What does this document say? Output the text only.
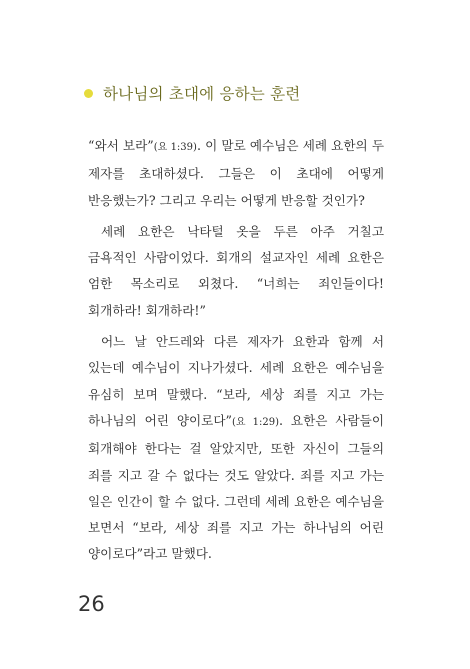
하나님의 초대에 응하는 훈련

“와서 보라”(요 1:39). 이 말로 예수님은 세례 요한의 두 제자를 초대하셨다. 그들은 이 초대에 어떻게 반응했는가? 그리고 우리는 어떻게 반응할 것인가?

세례 요한은 낙타털 옷을 두른 아주 거칠고 금욕적인 사람이었다. 회개의 설교자인 세례 요한은 엄한 목소리로 외쳤다. “너희는 죄인들이다! 회개하라! 회개하라!”

어느 날 안드레와 다른 제자가 요한과 함께 서 있는데 예수님이 지나가셨다. 세례 요한은 예수님을 유심히 보며 말했다. “보라, 세상 죄를 지고 가는 하나님의 어린 양이로다”(요 1:29). 요한은 사람들이 회개해야 한다는 걸 알았지만, 또한 자신이 그들의 죄를 지고 갈 수 없다는 것도 알았다. 죄를 지고 가는 일은 인간이 할 수 없다. 그런데 세례 요한은 예수님을 보면서 “보라, 세상 죄를 지고 가는 하나님의 어린 양이로다”라고 말했다.

26
